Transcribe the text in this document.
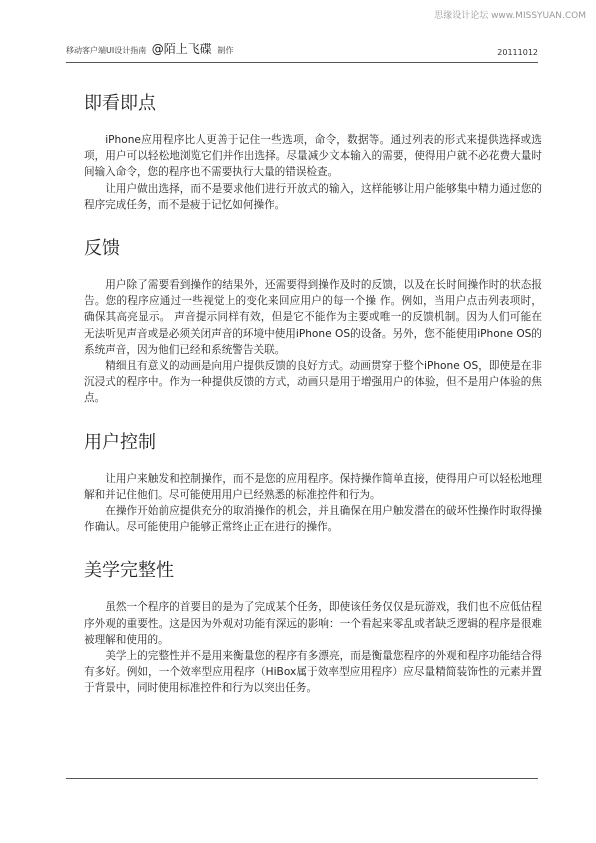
思缘设计论坛 www.MISSYUAN.COM
移动客户端UI设计指南 @陌上飞碟 制作	20111012
即看即点

iPhone应用程序比人更善于记住一些选项，命令，数据等。通过列表的形式来提供选择或选项，用户可以轻松地浏览它们并作出选择。尽量减少文本输入的需要，使得用户就不必花费大量时间输入命令，您的程序也不需要执行大量的错误检查。

让用户做出选择，而不是要求他们进行开放式的输入，这样能够让用户能够集中精力通过您的程序完成任务，而不是疲于记忆如何操作。

反馈

用户除了需要看到操作的结果外，还需要得到操作及时的反馈，以及在长时间操作时的状态报告。您的程序应通过一些视觉上的变化来回应用户的每一个操 作。例如，当用户点击列表项时，确保其高亮显示。 声音提示同样有效，但是它不能作为主要或唯一的反馈机制。因为人们可能在无法听见声音或是必须关闭声音的环境中使用iPhone OS的设备。另外，您不能使用iPhone OS的系统声音，因为他们已经和系统警告关联。

精细且有意义的动画是向用户提供反馈的良好方式。动画贯穿于整个iPhone OS，即使是在非沉浸式的程序中。作为一种提供反馈的方式，动画只是用于增强用户的体验，但不是用户体验的焦点。

用户控制

让用户来触发和控制操作，而不是您的应用程序。保持操作简单直接，使得用户可以轻松地理解和并记住他们。尽可能使用用户已经熟悉的标准控件和行为。

在操作开始前应提供充分的取消操作的机会，并且确保在用户触发潜在的破坏性操作时取得操作确认。尽可能使用户能够正常终止正在进行的操作。

美学完整性

虽然一个程序的首要目的是为了完成某个任务，即使该任务仅仅是玩游戏，我们也不应低估程序外观的重要性。这是因为外观对功能有深远的影响：一个看起来零乱或者缺乏逻辑的程序是很难被理解和使用的。

美学上的完整性并不是用来衡量您的程序有多漂亮，而是衡量您程序的外观和程序功能结合得有多好。例如，一个效率型应用程序（HiBox属于效率型应用程序）应尽量精简装饰性的元素并置于背景中，同时使用标准控件和行为以突出任务。
